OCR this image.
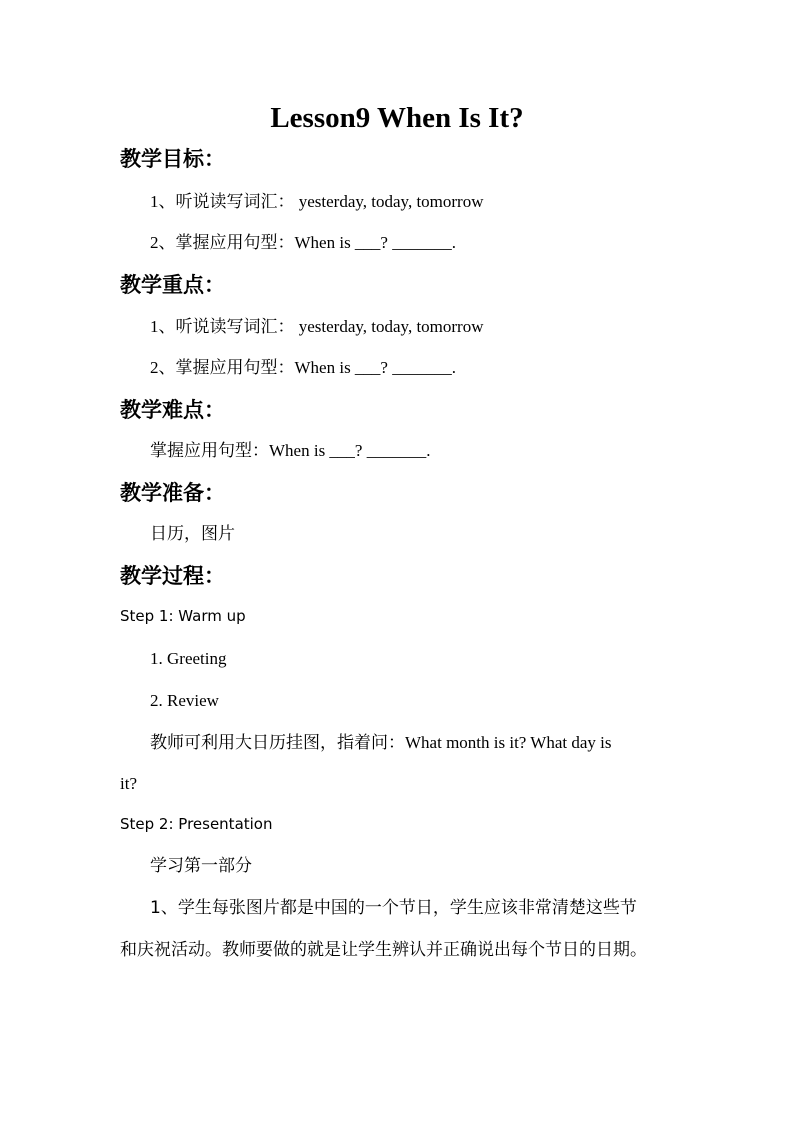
Lesson9 When Is It?
教学目标：
1、听说读写词汇： yesterday, today, tomorrow
2、掌握应用句型：When is ___? _______.
教学重点：
1、听说读写词汇： yesterday, today, tomorrow
2、掌握应用句型：When is ___? _______.
教学难点：
掌握应用句型：When is ___? _______.
教学准备：
日历，图片
教学过程：
Step 1: Warm up
1. Greeting
2. Review
教师可利用大日历挂图，指着问：What month is it? What day is
it?
Step 2: Presentation
学习第一部分
1、学生每张图片都是中国的一个节日，学生应该非常清楚这些节
和庆祝活动。教师要做的就是让学生辨认并正确说出每个节日的日期。
